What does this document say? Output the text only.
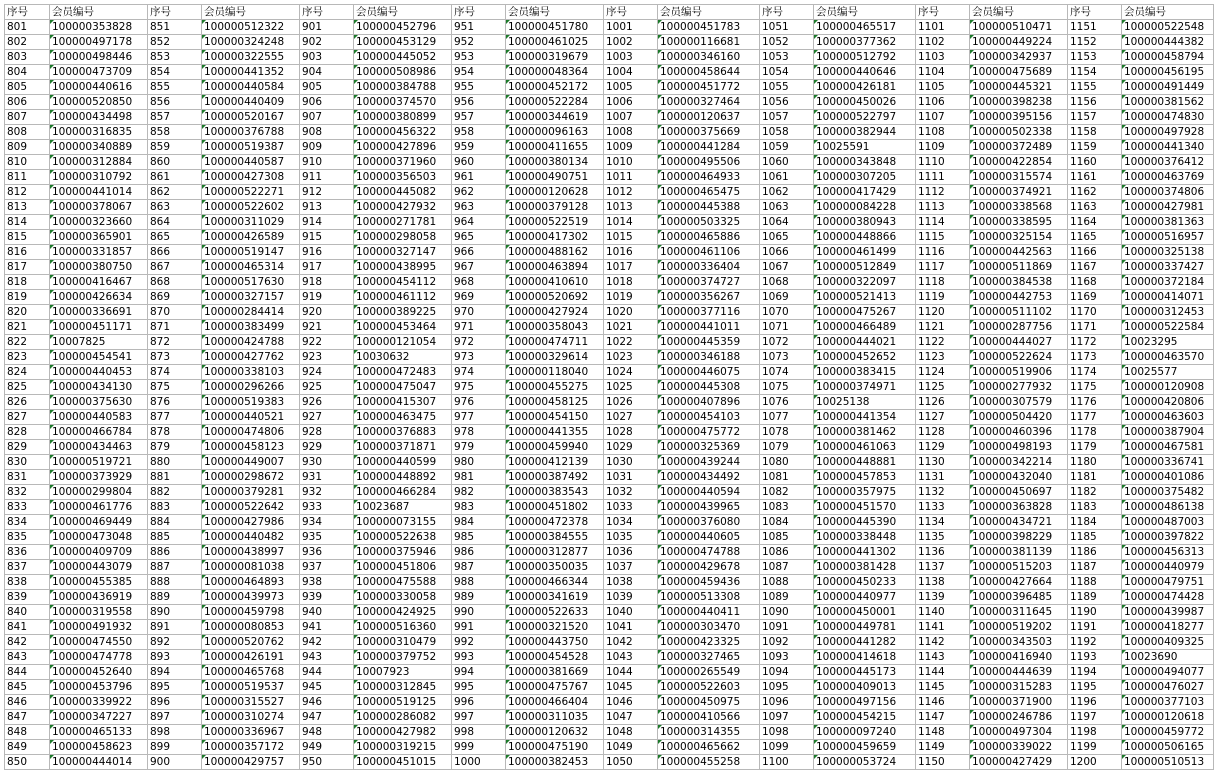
序号	会员编号	序号	会员编号	序号	会员编号	序号	会员编号	序号	会员编号	序号	会员编号	序号	会员编号	序号	会员编号
801	100000353828	851	100000512322	901	100000452796	951	100000451780	1001	100000451783	1051	100000465517	1101	100000510471	1151	100000522548
802	100000497178	852	100000324248	902	100000453129	952	100000461025	1002	100000116681	1052	100000377362	1102	100000449224	1152	100000444382
803	100000498446	853	100000322555	903	100000445052	953	100000319679	1003	100000346160	1053	100000512792	1103	100000342937	1153	100000458794
804	100000473709	854	100000441352	904	100000508986	954	100000048364	1004	100000458644	1054	100000440646	1104	100000475689	1154	100000456195
805	100000440616	855	100000440584	905	100000384788	955	100000452172	1005	100000451772	1055	100000426181	1105	100000445321	1155	100000491449
806	100000520850	856	100000440409	906	100000374570	956	100000522284	1006	100000327464	1056	100000450026	1106	100000398238	1156	100000381562
807	100000434498	857	100000520167	907	100000380899	957	100000344619	1007	100000120637	1057	100000522797	1107	100000395156	1157	100000474830
808	100000316835	858	100000376788	908	100000456322	958	100000096163	1008	100000375669	1058	100000382944	1108	100000502338	1158	100000497928
809	100000340889	859	100000519387	909	100000427896	959	100000411655	1009	100000441284	1059	10025591	1109	100000372489	1159	100000441340
810	100000312884	860	100000440587	910	100000371960	960	100000380134	1010	100000495506	1060	100000343848	1110	100000422854	1160	100000376412
811	100000310792	861	100000427308	911	100000356503	961	100000490751	1011	100000464933	1061	100000307205	1111	100000315574	1161	100000463769
812	100000441014	862	100000522271	912	100000445082	962	100000120628	1012	100000465475	1062	100000417429	1112	100000374921	1162	100000374806
813	100000378067	863	100000522602	913	100000427932	963	100000379128	1013	100000445388	1063	100000084228	1113	100000338568	1163	100000427981
814	100000323660	864	100000311029	914	100000271781	964	100000522519	1014	100000503325	1064	100000380943	1114	100000338595	1164	100000381363
815	100000365901	865	100000426589	915	100000298058	965	100000417302	1015	100000465886	1065	100000448866	1115	100000325154	1165	100000516957
816	100000331857	866	100000519147	916	100000327147	966	100000488162	1016	100000461106	1066	100000461499	1116	100000442563	1166	100000325138
817	100000380750	867	100000465314	917	100000438995	967	100000463894	1017	100000336404	1067	100000512849	1117	100000511869	1167	100000337427
818	100000416467	868	100000517630	918	100000454112	968	100000410610	1018	100000374727	1068	100000322097	1118	100000384538	1168	100000372184
819	100000426634	869	100000327157	919	100000461112	969	100000520692	1019	100000356267	1069	100000521413	1119	100000442753	1169	100000414071
820	100000336691	870	100000284414	920	100000389225	970	100000427924	1020	100000377116	1070	100000475267	1120	100000511102	1170	100000312453
821	100000451171	871	100000383499	921	100000453464	971	100000358043	1021	100000441011	1071	100000466489	1121	100000287756	1171	100000522584
822	10007825	872	100000424788	922	100000121054	972	100000474711	1022	100000445359	1072	100000444021	1122	100000444027	1172	10023295
823	100000454541	873	100000427762	923	10030632	973	100000329614	1023	100000346188	1073	100000452652	1123	100000522624	1173	100000463570
824	100000440453	874	100000338103	924	100000472483	974	100000118040	1024	100000446075	1074	100000383415	1124	100000519906	1174	10025577
825	100000434130	875	100000296266	925	100000475047	975	100000455275	1025	100000445308	1075	100000374971	1125	100000277932	1175	100000120908
826	100000375630	876	100000519383	926	100000415307	976	100000458125	1026	100000407896	1076	10025138	1126	100000307579	1176	100000420806
827	100000440583	877	100000440521	927	100000463475	977	100000454150	1027	100000454103	1077	100000441354	1127	100000504420	1177	100000463603
828	100000466784	878	100000474806	928	100000376883	978	100000441355	1028	100000475772	1078	100000381462	1128	100000460396	1178	100000387904
829	100000434463	879	100000458123	929	100000371871	979	100000459940	1029	100000325369	1079	100000461063	1129	100000498193	1179	100000467581
830	100000519721	880	100000449007	930	100000440599	980	100000412139	1030	100000439244	1080	100000448881	1130	100000342214	1180	100000336741
831	100000373929	881	100000298672	931	100000448892	981	100000387492	1031	100000434492	1081	100000457853	1131	100000432040	1181	100000401086
832	100000299804	882	100000379281	932	100000466284	982	100000383543	1032	100000440594	1082	100000357975	1132	100000450697	1182	100000375482
833	100000461776	883	100000522642	933	10023687	983	100000451802	1033	100000439965	1083	100000451570	1133	100000363828	1183	100000486138
834	100000469449	884	100000427986	934	100000073155	984	100000472378	1034	100000376080	1084	100000445390	1134	100000434721	1184	100000487003
835	100000473048	885	100000440482	935	100000522638	985	100000384555	1035	100000440605	1085	100000338448	1135	100000398229	1185	100000397822
836	100000409709	886	100000438997	936	100000375946	986	100000312877	1036	100000474788	1086	100000441302	1136	100000381139	1186	100000456313
837	100000443079	887	100000081038	937	100000451806	987	100000350035	1037	100000429678	1087	100000381428	1137	100000515203	1187	100000440979
838	100000455385	888	100000464893	938	100000475588	988	100000466344	1038	100000459436	1088	100000450233	1138	100000427664	1188	100000479751
839	100000436919	889	100000439973	939	100000330058	989	100000341619	1039	100000513308	1089	100000440977	1139	100000396485	1189	100000474428
840	100000319558	890	100000459798	940	100000424925	990	100000522633	1040	100000440411	1090	100000450001	1140	100000311645	1190	100000439987
841	100000491932	891	100000080853	941	100000516360	991	100000321520	1041	100000303470	1091	100000449781	1141	100000519202	1191	100000418277
842	100000474550	892	100000520762	942	100000310479	992	100000443750	1042	100000423325	1092	100000441282	1142	100000343503	1192	100000409325
843	100000474778	893	100000426191	943	100000379752	993	100000454528	1043	100000327465	1093	100000414618	1143	100000416940	1193	10023690
844	100000452640	894	100000465768	944	10007923	994	100000381669	1044	100000265549	1094	100000445173	1144	100000444639	1194	100000494077
845	100000453796	895	100000519537	945	100000312845	995	100000475767	1045	100000522603	1095	100000409013	1145	100000315283	1195	100000476027
846	100000339922	896	100000315527	946	100000519125	996	100000466404	1046	100000450975	1096	100000497156	1146	100000371900	1196	100000377103
847	100000347227	897	100000310274	947	100000286082	997	100000311035	1047	100000410566	1097	100000454215	1147	100000246786	1197	100000120618
848	100000465133	898	100000336967	948	100000427982	998	100000120632	1048	100000314355	1098	100000097240	1148	100000497304	1198	100000459772
849	100000458623	899	100000357172	949	100000319215	999	100000475190	1049	100000465662	1099	100000459659	1149	100000339022	1199	100000506165
850	100000444014	900	100000429757	950	100000451015	1000	100000382453	1050	100000455258	1100	100000053724	1150	100000427429	1200	100000510513
